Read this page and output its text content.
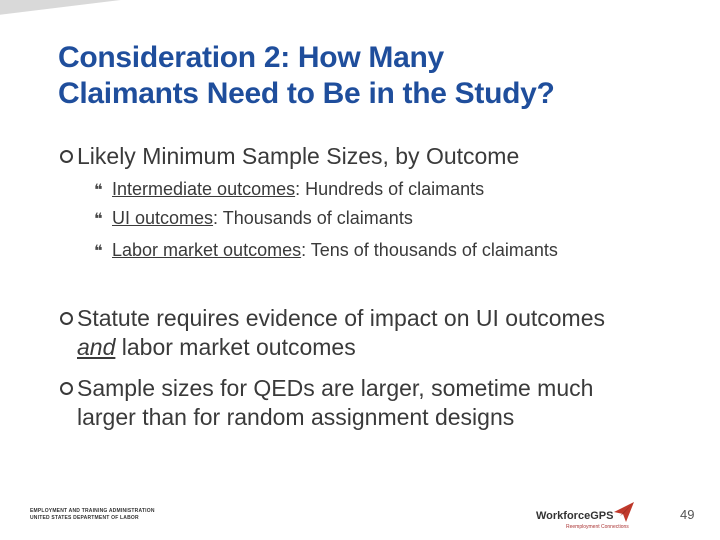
Consideration 2: How Many
Claimants Need to Be in the Study?
Likely Minimum Sample Sizes, by Outcome
❝ Intermediate outcomes: Hundreds of claimants
❝ UI outcomes: Thousands of claimants
❝ Labor market outcomes: Tens of thousands of claimants
Statute requires evidence of impact on UI outcomes and labor market outcomes
Sample sizes for QEDs are larger, sometime much larger than for random assignment designs
EMPLOYMENT AND TRAINING ADMINISTRATION
UNITED STATES DEPARTMENT OF LABOR	WorkforceGPS
Reemployment Connections
49
